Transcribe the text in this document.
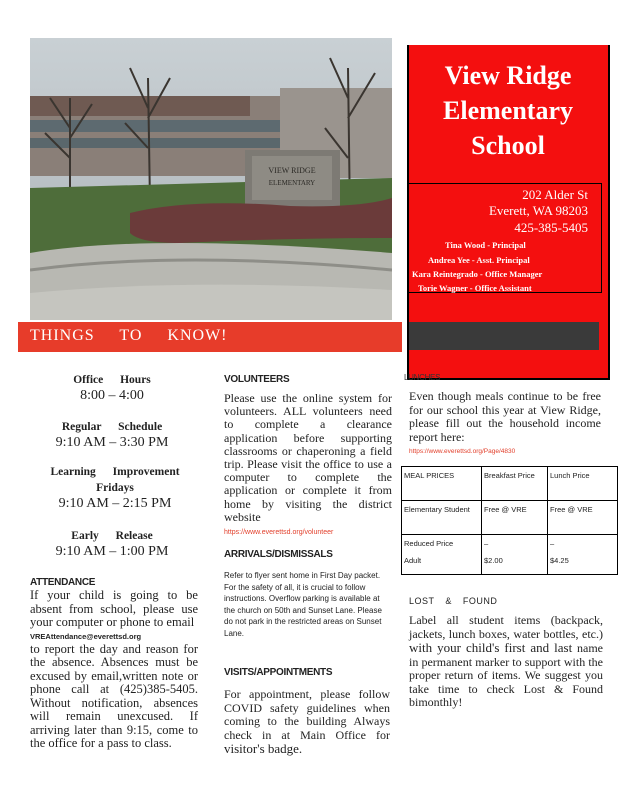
VIEW RIDGE
ELEMENTARY
View Ridge
Elementary
School
202 Alder St
Everett, WA 98203
425-385-5405
Tina Wood - Principal
Andrea Yee - Asst. Principal
Kara Reintegrado - Office Manager
Torie Wagner - Office Assistant
THINGS TO KNOW!
Office Hours
8:00 – 4:00
Regular Schedule
9:10 AM – 3:30 PM
Learning Improvement Fridays
9:10 AM – 2:15 PM
Early Release
9:10 AM – 1:00 PM
ATTENDANCE
If your child is going to be absent from school, please use your computer or phone to email
VREAttendance@everettsd.org
to report the day and reason for the absence. Absences must be excused by email,written note or phone call at (425)385-5405. Without notification, absences will remain unexcused. If arriving later than 9:15, come to the office for a pass to class.
VOLUNTEERS
Please use the online system for volunteers. ALL volunteers need to complete a clearance application before supporting classrooms or chaperoning a field trip. Please visit the office to use a computer to complete the application or complete it from home by visiting the district website
https://www.everettsd.org/volunteer
ARRIVALS/DISMISSALS
Refer to flyer sent home in First Day packet. For the safety of all, it is crucial to follow instructions. Overflow parking is available at the church on 50th and Sunset Lane. Please do not park in the restricted areas on Sunset Lane.
VISITS/APPOINTMENTS
For appointment, please follow COVID safety guidelines when coming to the building Always check in at Main Office for visitor's badge.
LUNCHES
Even though meals continue to be free for our school this year at View Ridge, please fill out the household income report here:
https://www.everettsd.org/Page/4830
MEAL PRICES	Breakfast Price	Lunch Price
Elementary Student	Free @ VRE	Free @ VRE
Reduced Price	–	–
Adult	$2.00	$4.25
LOST & FOUND
Label all student items (backpack, jackets, lunch boxes, water bottles, etc.) with your child's first and last name in permanent marker to support with the proper return of items. We suggest you take time to check Lost & Found bimonthly!
